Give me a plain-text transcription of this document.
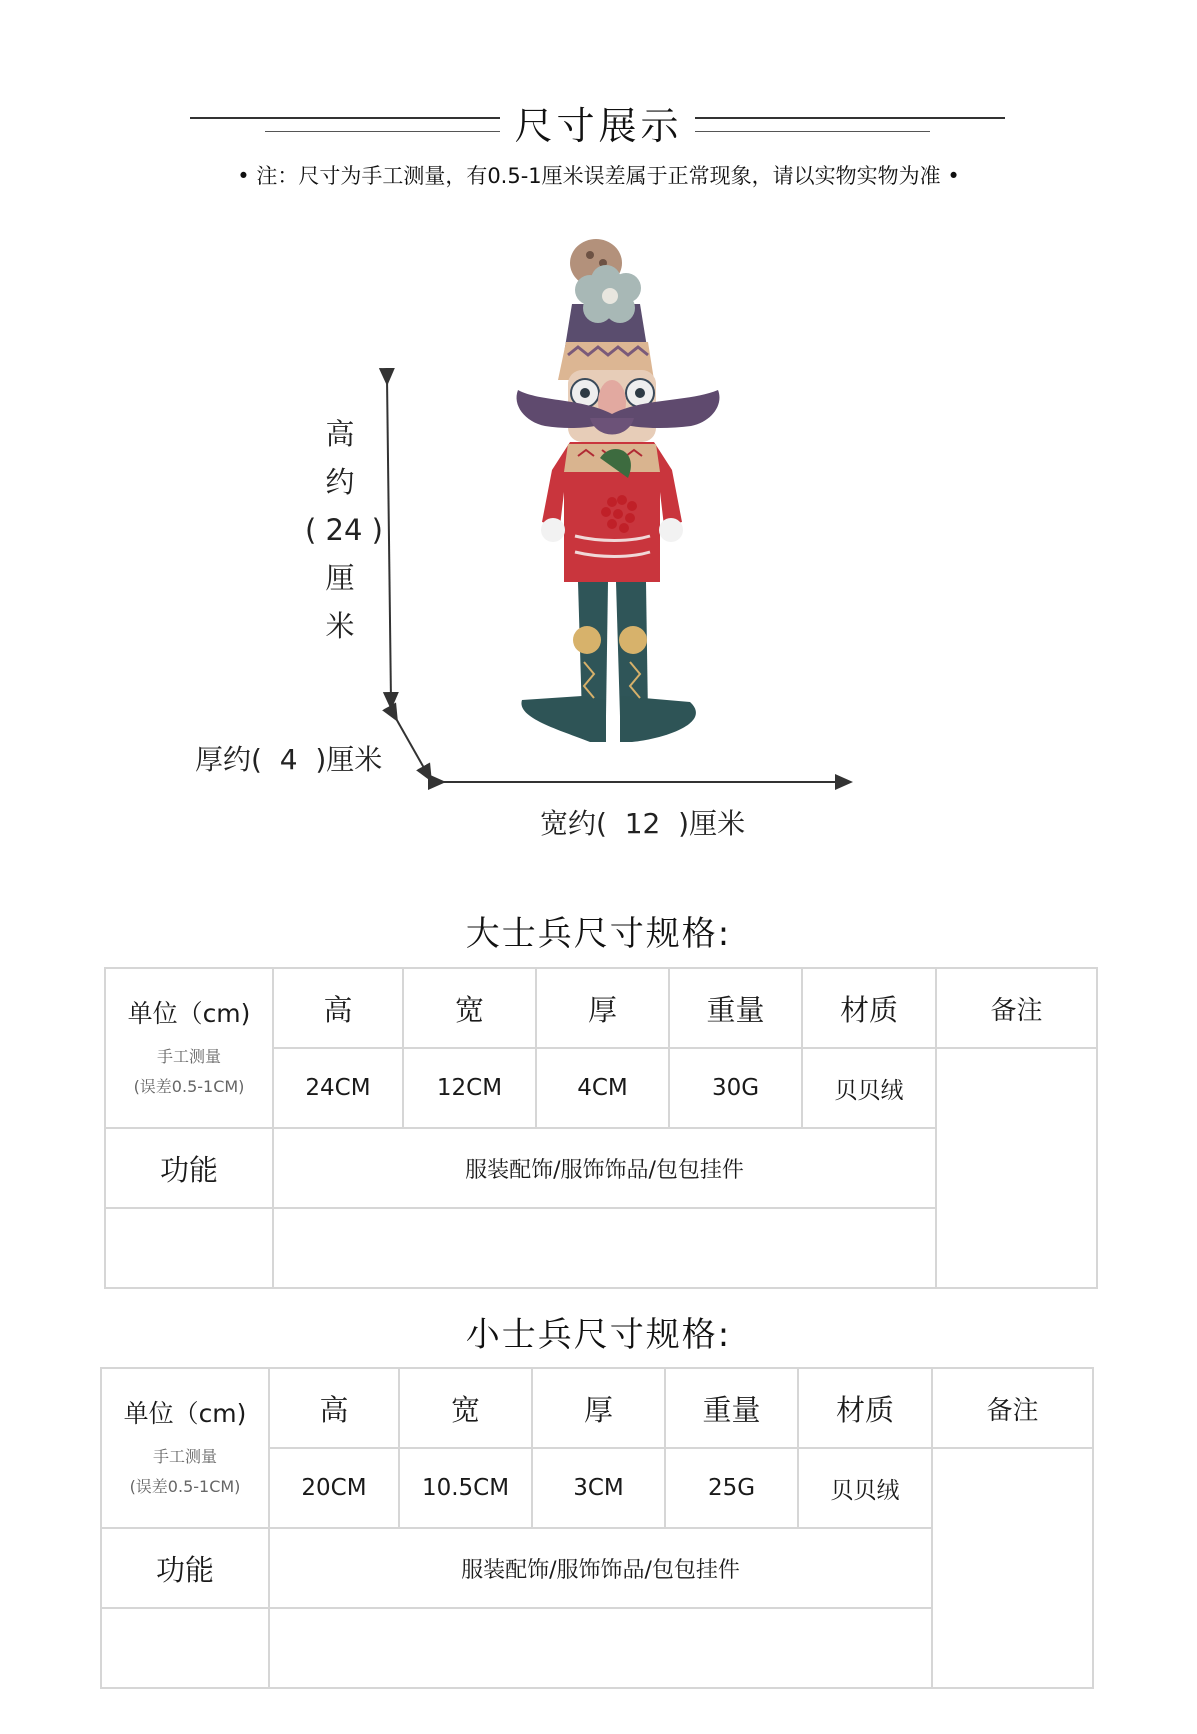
尺寸展示
• 注：尺寸为手工测量，有0.5-1厘米误差属于正常现象，请以实物实物为准 •
高
约
( 24 )
厘
米
厚约(  4  )厘米
宽约(  12  )厘米
大士兵尺寸规格:
单位（cm)
手工测量
(误差0.5-1CM)	高	宽	厚	重量	材质	备注
	24CM	12CM	4CM	30G	贝贝绒	
功能	服装配饰/服饰饰品/包包挂件					

小士兵尺寸规格:
单位（cm)
手工测量
(误差0.5-1CM)	高	宽	厚	重量	材质	备注
	20CM	10.5CM	3CM	25G	贝贝绒	
功能	服装配饰/服饰饰品/包包挂件					
